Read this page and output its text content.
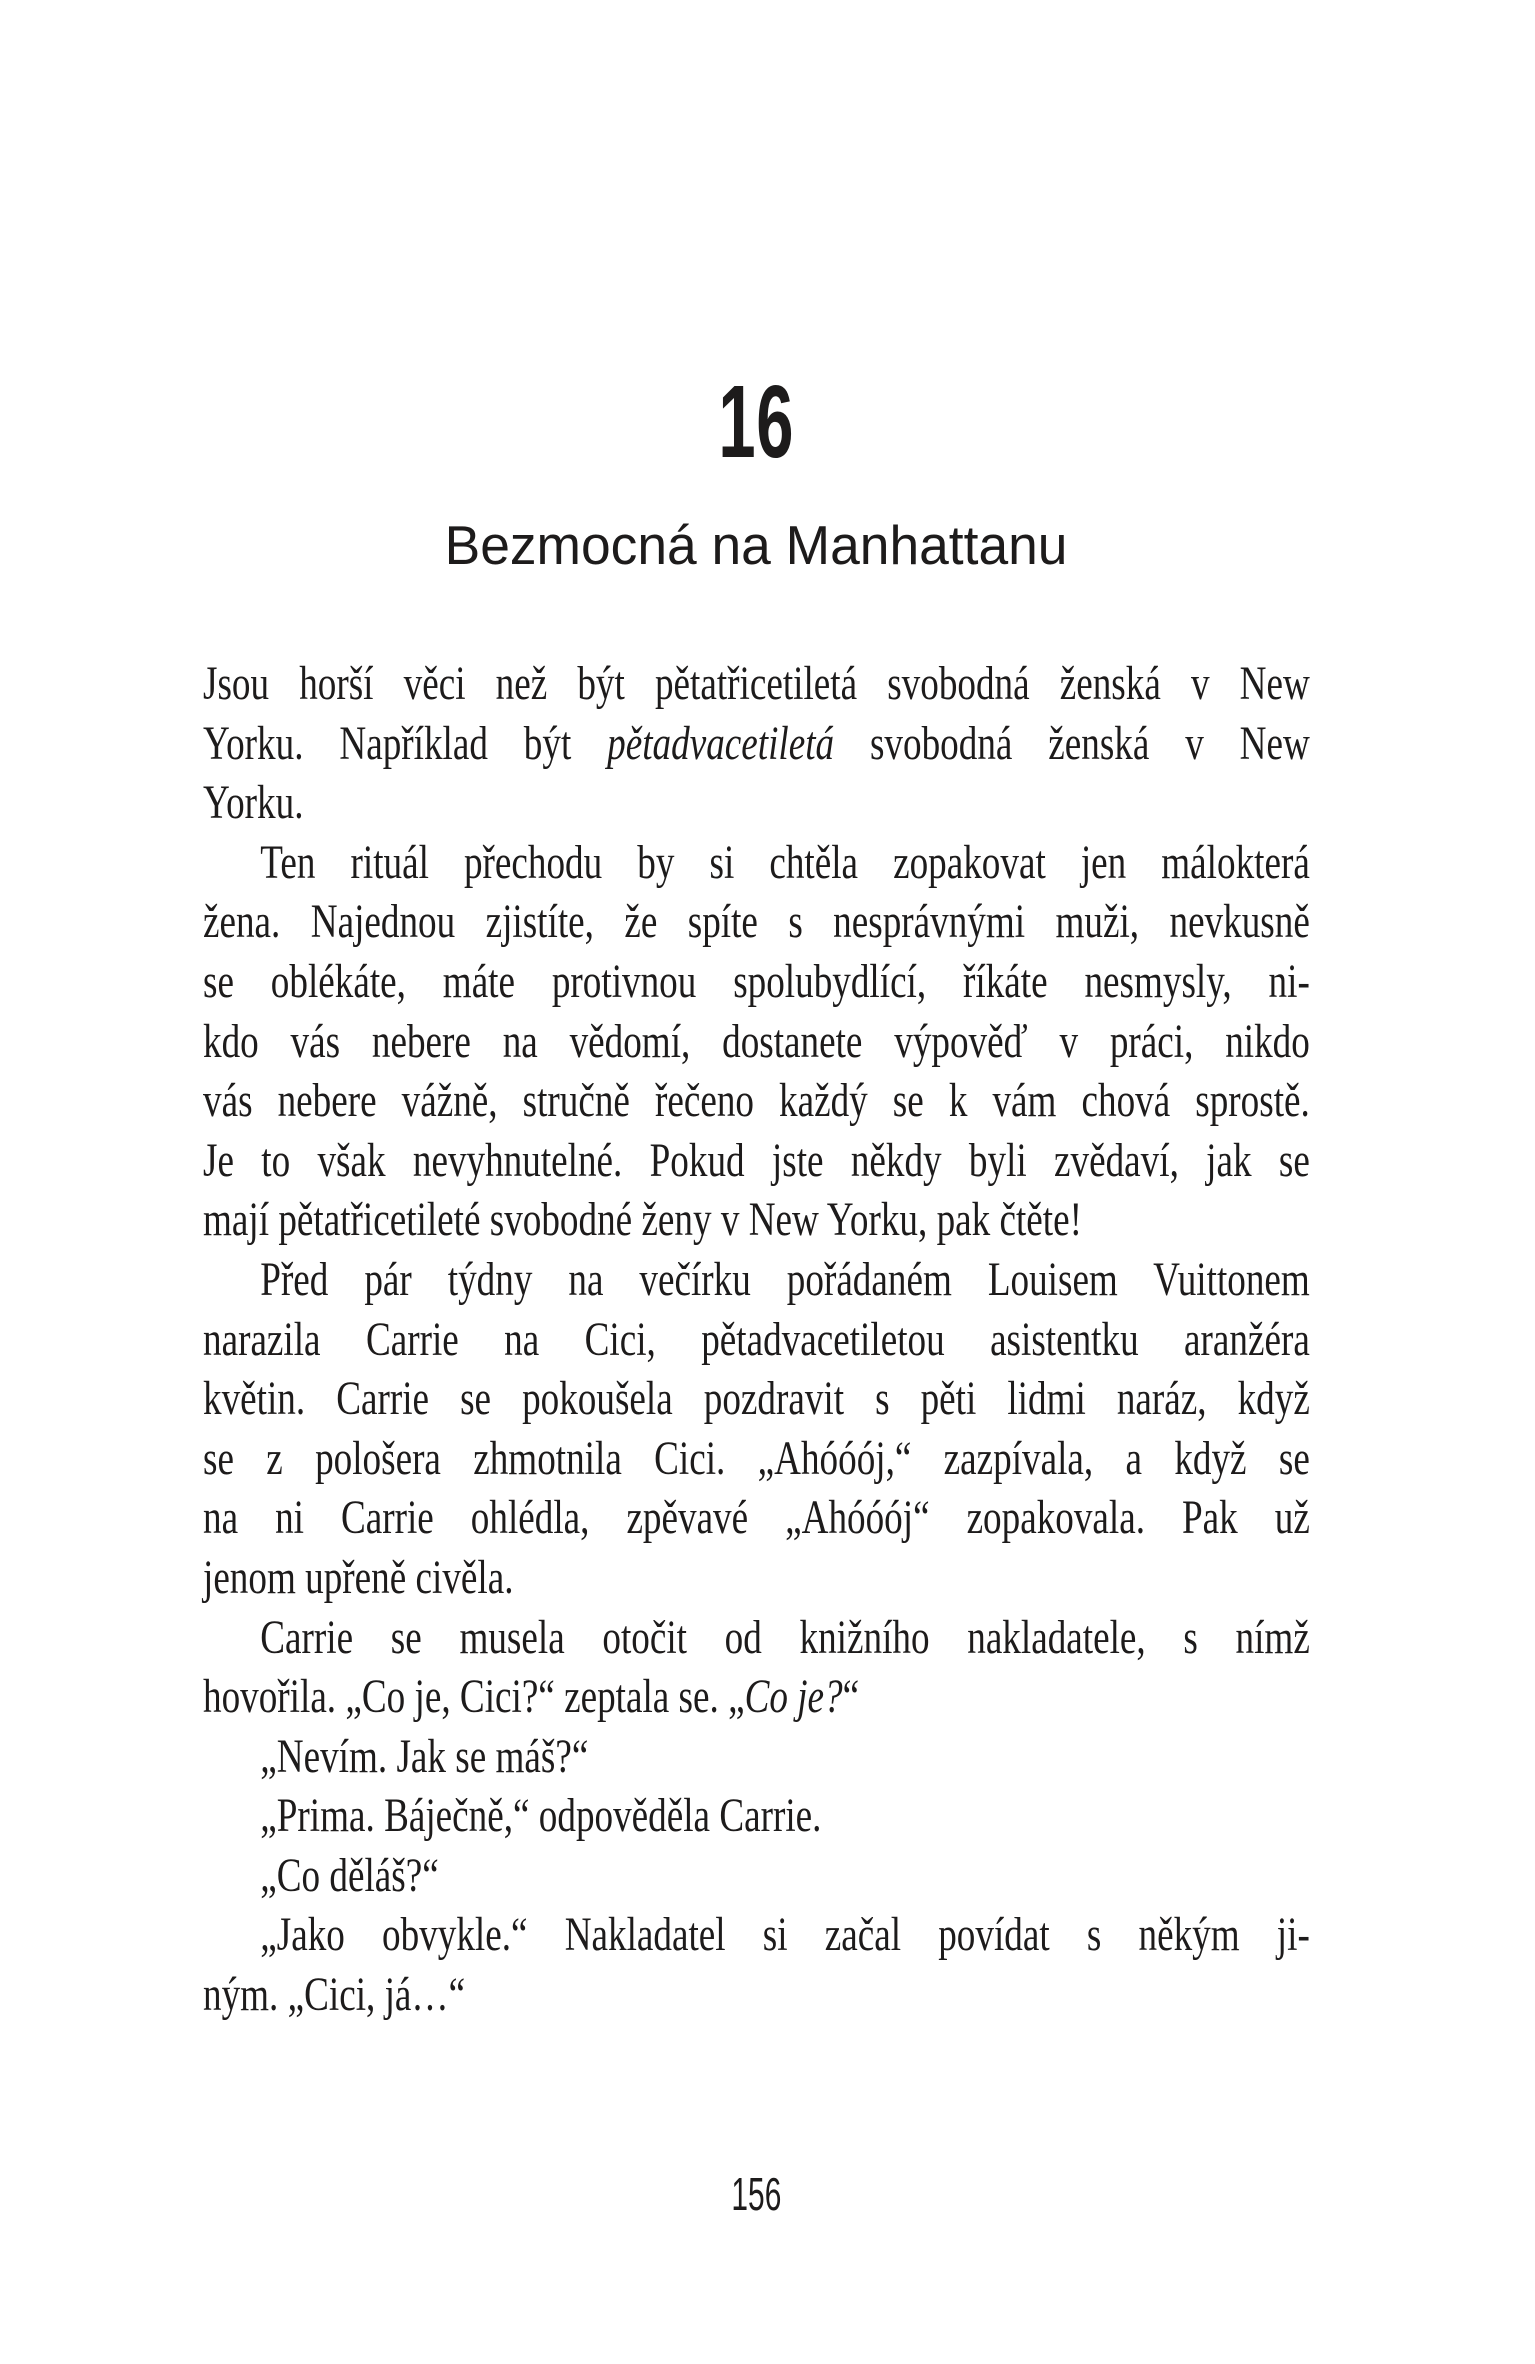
16
Bezmocná na Manhattanu
Jsou horší věci než být pětatřicetiletá svobodná ženská v New
Yorku. Například být pětadvacetiletá svobodná ženská v New
Yorku.
Ten rituál přechodu by si chtěla zopakovat jen málokterá
žena. Najednou zjistíte, že spíte s nesprávnými muži, nevkusně
se oblékáte, máte protivnou spolubydlící, říkáte nesmysly, ni-
kdo vás nebere na vědomí, dostanete výpověď v práci, nikdo
vás nebere vážně, stručně řečeno každý se k vám chová sprostě.
Je to však nevyhnutelné. Pokud jste někdy byli zvědaví, jak se
mají pětatřicetileté svobodné ženy v New Yorku, pak čtěte!
Před pár týdny na večírku pořádaném Louisem Vuittonem
narazila Carrie na Cici, pětadvacetiletou asistentku aranžéra
květin. Carrie se pokoušela pozdravit s pěti lidmi naráz, když
se z pološera zhmotnila Cici. „Ahóóój,“ zazpívala, a když se
na ni Carrie ohlédla, zpěvavé „Ahóóój“ zopakovala. Pak už
jenom upřeně civěla.
Carrie se musela otočit od knižního nakladatele, s nímž
hovořila. „Co je, Cici?“ zeptala se. „Co je?“
„Nevím. Jak se máš?“
„Prima. Báječně,“ odpověděla Carrie.
„Co děláš?“
„Jako obvykle.“ Nakladatel si začal povídat s někým ji-
ným. „Cici, já…“
156
